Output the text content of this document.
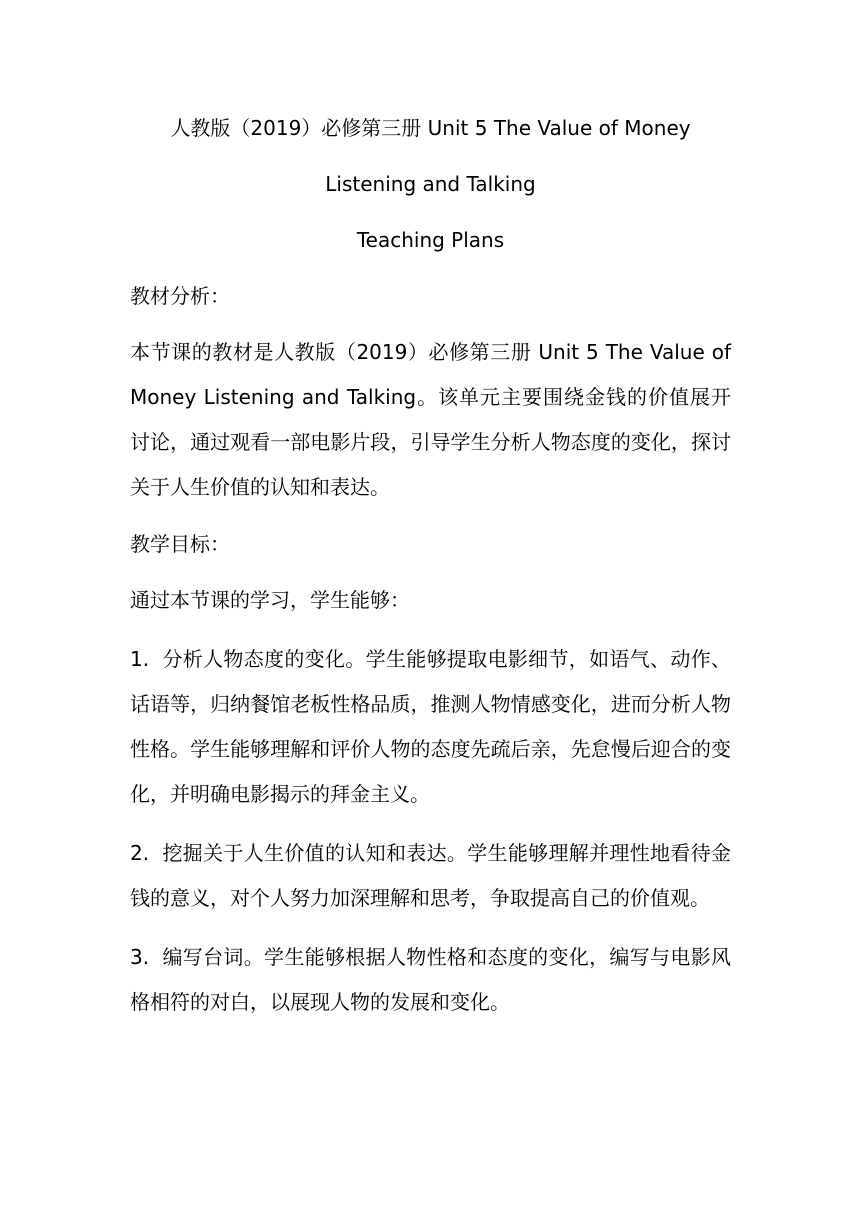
人教版（2019）必修第三册 Unit 5 The Value of Money
Listening and Talking
Teaching Plans
教材分析：
本节课的教材是人教版（2019）必修第三册 Unit 5 The Value of Money Listening and Talking。该单元主要围绕金钱的价值展开讨论，通过观看一部电影片段，引导学生分析人物态度的变化，探讨关于人生价值的认知和表达。
教学目标：
通过本节课的学习，学生能够：
1. 分析人物态度的变化。学生能够提取电影细节，如语气、动作、话语等，归纳餐馆老板性格品质，推测人物情感变化，进而分析人物性格。学生能够理解和评价人物的态度先疏后亲，先怠慢后迎合的变化，并明确电影揭示的拜金主义。
2. 挖掘关于人生价值的认知和表达。学生能够理解并理性地看待金钱的意义，对个人努力加深理解和思考，争取提高自己的价值观。
3. 编写台词。学生能够根据人物性格和态度的变化，编写与电影风格相符的对白，以展现人物的发展和变化。
